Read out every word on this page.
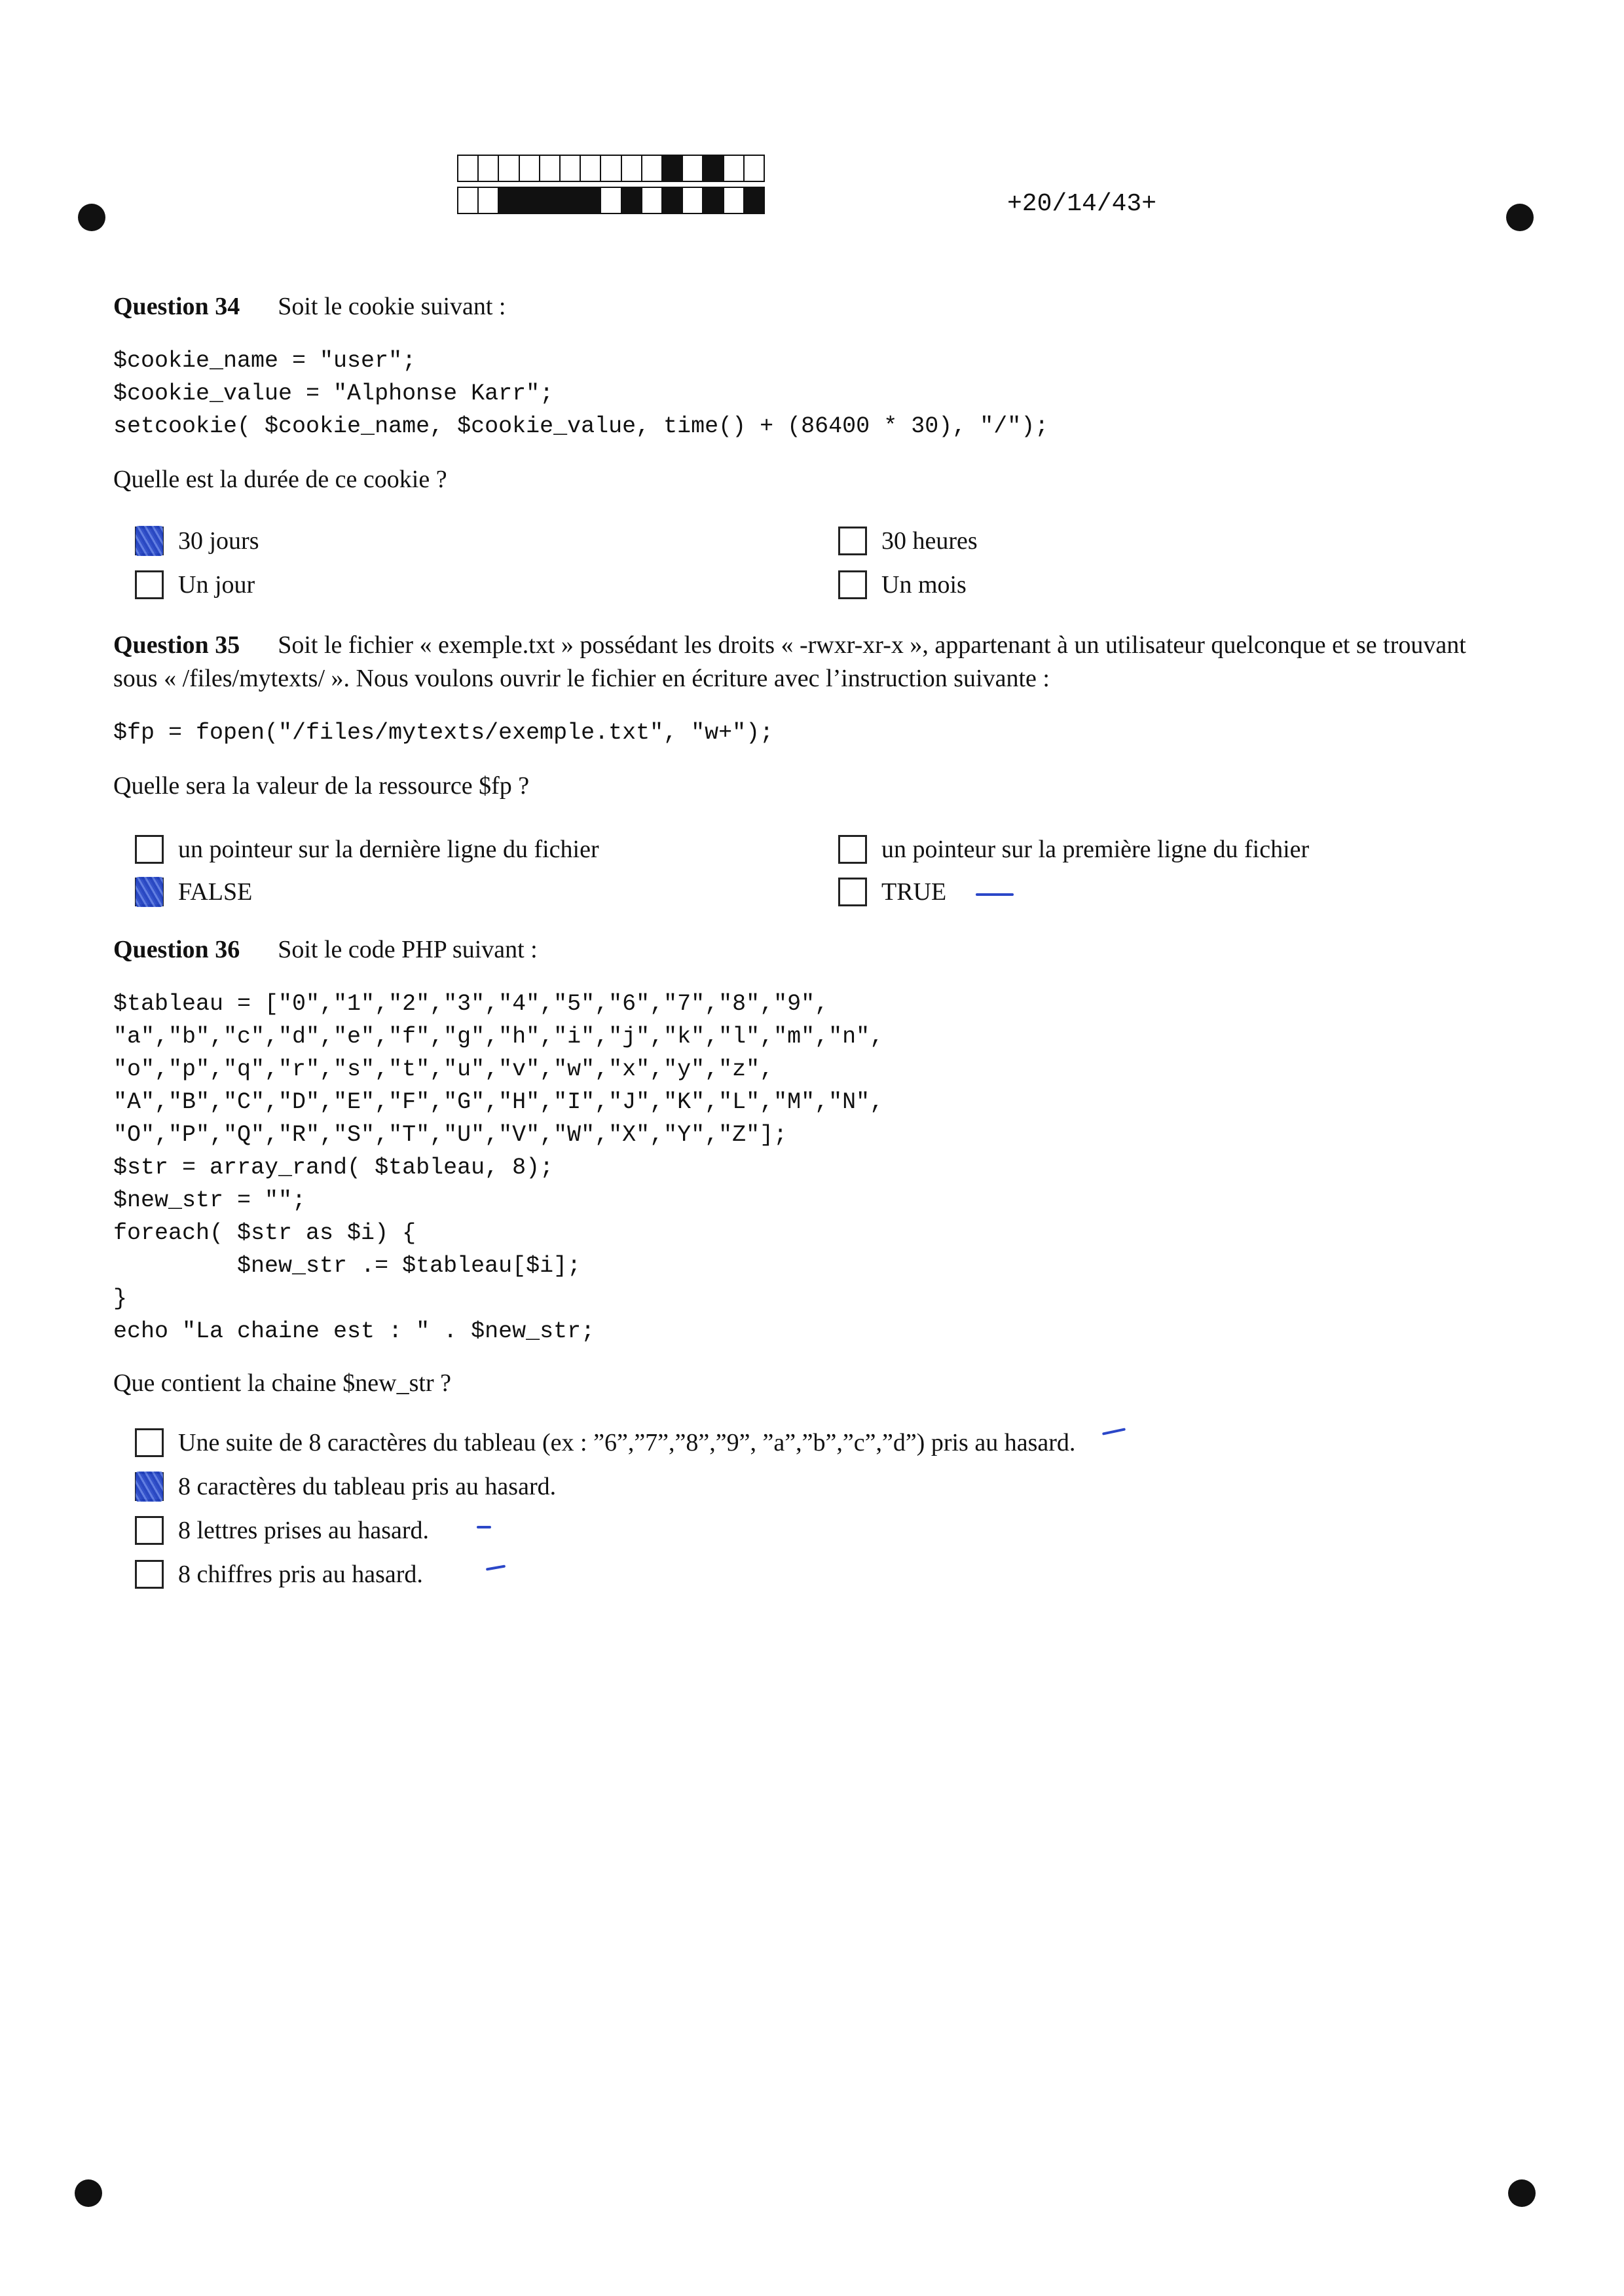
+20/14/43+
Question 34 Soit le cookie suivant :
$cookie_name = "user";
$cookie_value = "Alphonse Karr";
setcookie( $cookie_name, $cookie_value, time() + (86400 * 30), "/");
Quelle est la durée de ce cookie ?
30 jours	30 heures
Un jour	Un mois
Question 35 Soit le fichier « exemple.txt » possédant les droits « -rwxr-xr-x », appartenant à un utilisateur quelconque et se trouvant sous « /files/mytexts/ ». Nous voulons ouvrir le fichier en écriture avec l’instruction suivante :
$fp = fopen("/files/mytexts/exemple.txt", "w+");
Quelle sera la valeur de la ressource $fp ?
un pointeur sur la dernière ligne du fichier	un pointeur sur la première ligne du fichier
FALSE	TRUE
Question 36 Soit le code PHP suivant :
$tableau = ["0","1","2","3","4","5","6","7","8","9",
"a","b","c","d","e","f","g","h","i","j","k","l","m","n",
"o","p","q","r","s","t","u","v","w","x","y","z",
"A","B","C","D","E","F","G","H","I","J","K","L","M","N",
"O","P","Q","R","S","T","U","V","W","X","Y","Z"];
$str = array_rand( $tableau, 8);
$new_str = "";
foreach( $str as $i) {
$new_str .= $tableau[$i];
}
echo "La chaine est : " . $new_str;
Que contient la chaine $new_str ?
Une suite de 8 caractères du tableau (ex : ”6”,”7”,”8”,”9”, ”a”,”b”,”c”,”d”) pris au hasard.
8 caractères du tableau pris au hasard.
8 lettres prises au hasard.
8 chiffres pris au hasard.
